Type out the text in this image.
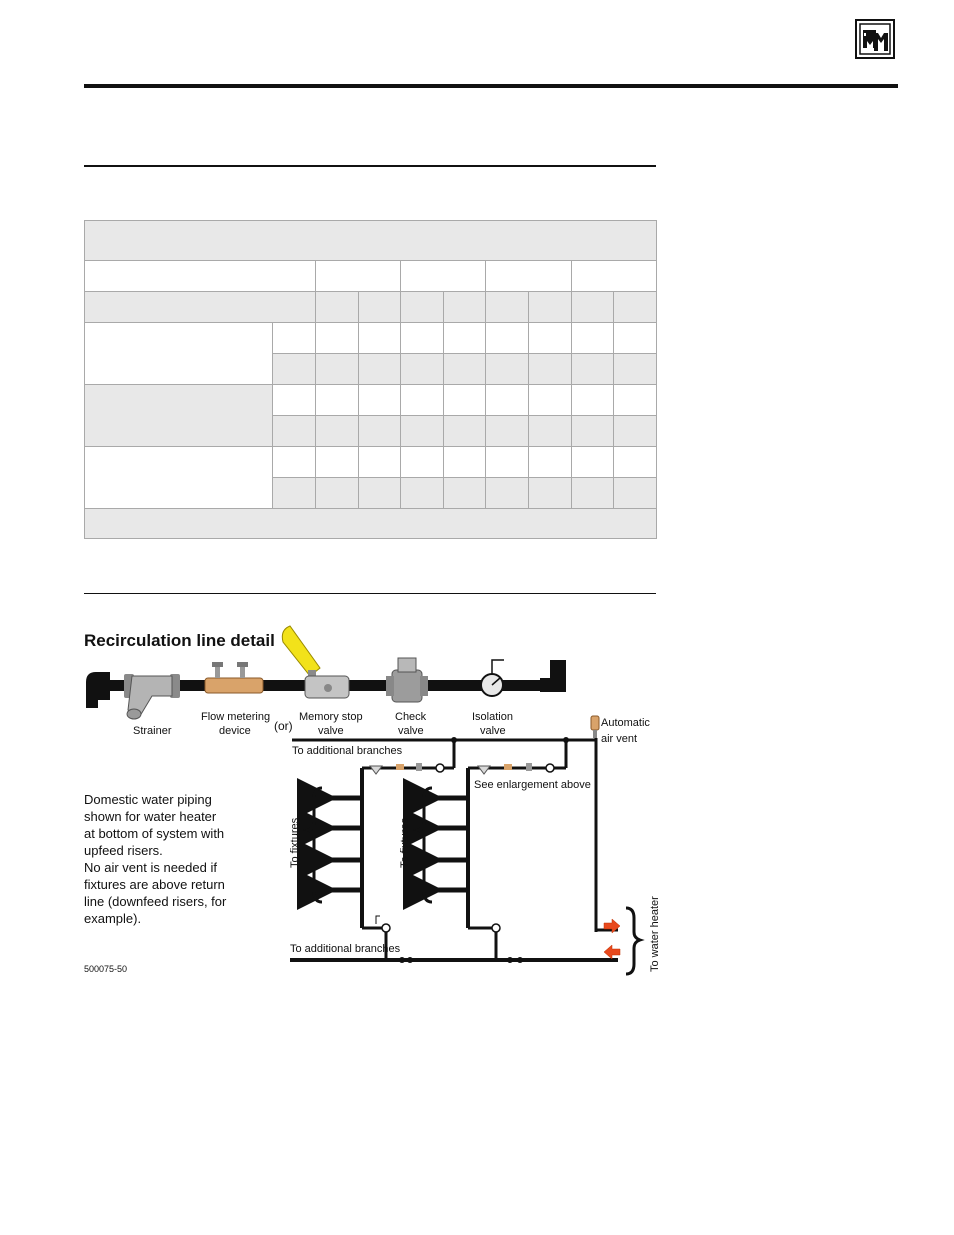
Recirculation line detail
Strainer
Flow metering
device (or)
Memory stop
valve
Check
valve
Isolation
valve
Automatic
air vent
To additional branches
See enlargement above
To fixtures	To fixtures
To additional branches	To water heater
Domestic water piping
shown for water heater
at bottom of system with
upfeed risers.
No air vent is needed if
fixtures are above return
line (downfeed risers, for
example).
500075-50
